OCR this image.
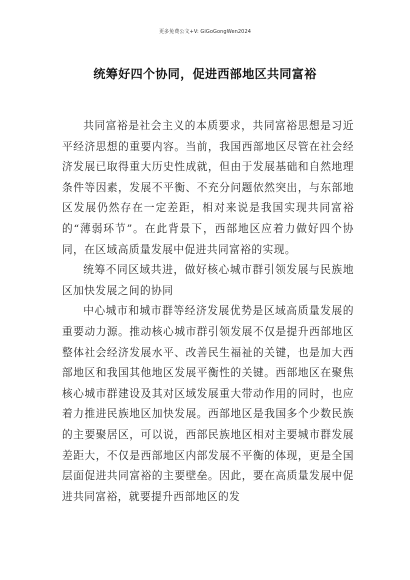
更多免费公文+V: GiGoGongWen2024
统筹好四个协同，促进西部地区共同富裕

共同富裕是社会主义的本质要求，共同富裕思想是习近平经济思想的重要内容。当前，我国西部地区尽管在社会经济发展已取得重大历史性成就，但由于发展基础和自然地理条件等因素，发展不平衡、不充分问题依然突出，与东部地区发展仍然存在一定差距，相对来说是我国实现共同富裕的“薄弱环节”。在此背景下，西部地区应着力做好四个协同，在区域高质量发展中促进共同富裕的实现。

统筹不同区域共进，做好核心城市群引领发展与民族地区加快发展之间的协同

中心城市和城市群等经济发展优势是区域高质量发展的重要动力源。推动核心城市群引领发展不仅是提升西部地区整体社会经济发展水平、改善民生福祉的关键，也是加大西部地区和我国其他地区发展平衡性的关键。西部地区在聚焦核心城市群建设及其对区域发展重大带动作用的同时，也应着力推进民族地区加快发展。西部地区是我国多个少数民族的主要聚居区，可以说，西部民族地区相对主要城市群发展差距大，不仅是西部地区内部发展不平衡的体现，更是全国层面促进共同富裕的主要壁垒。因此，要在高质量发展中促进共同富裕，就要提升西部地区的发
